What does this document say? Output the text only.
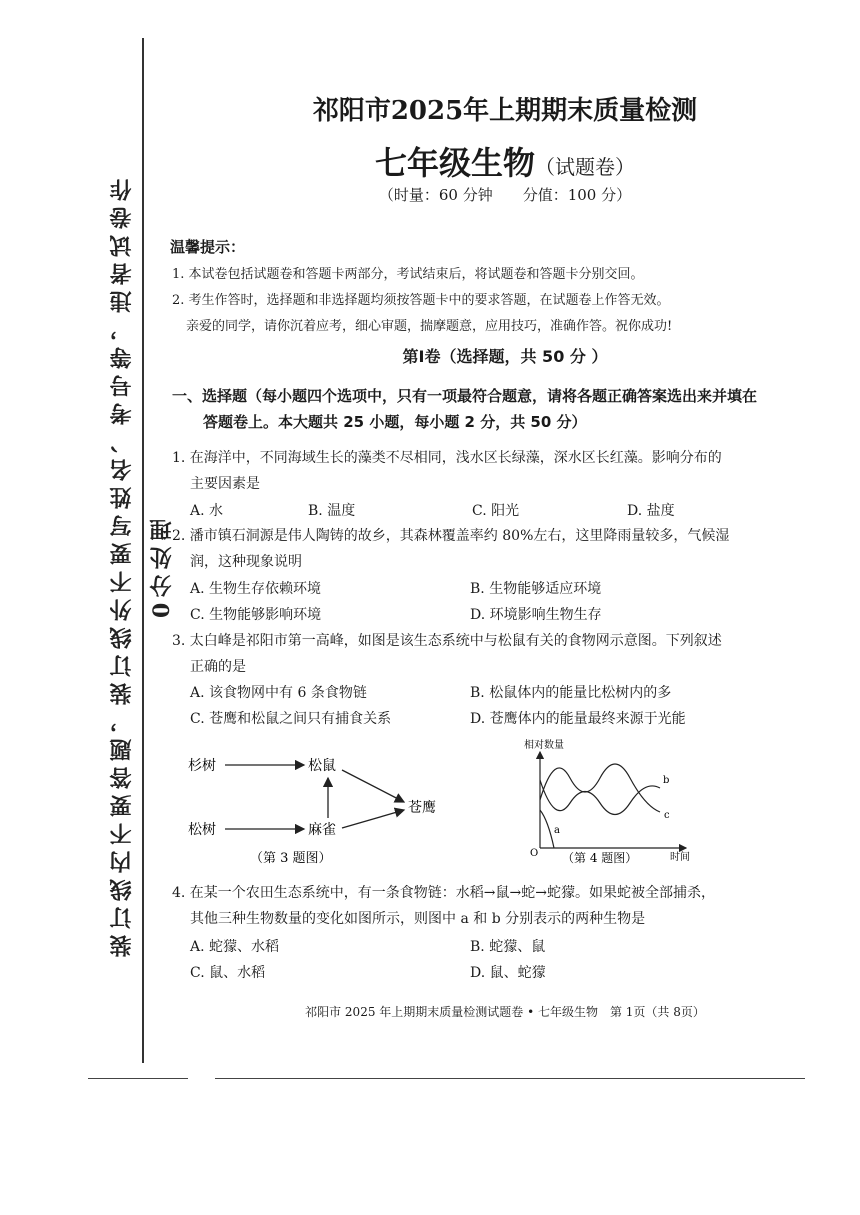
装订线内不要答题，装订线外不要写姓名、考号等，违者试卷作0分处理
祁阳市2025年上期期末质量检测
七年级生物（试题卷）
（时量：60 分钟　　分值：100 分）
温馨提示：
1. 本试卷包括试题卷和答题卡两部分，考试结束后，将试题卷和答题卡分别交回。
2. 考生作答时，选择题和非选择题均须按答题卡中的要求答题，在试题卷上作答无效。
亲爱的同学，请你沉着应考，细心审题，揣摩题意，应用技巧，准确作答。祝你成功!
第Ⅰ卷（选择题，共 50 分 ）
一、选择题（每小题四个选项中，只有一项最符合题意，请将各题正确答案选出来并填在
答题卷上。本大题共 25 小题，每小题 2 分，共 50 分）
1. 在海洋中，不同海域生长的藻类不尽相同，浅水区长绿藻，深水区长红藻。影响分布的
主要因素是
A. 水	B. 温度	C. 阳光	D. 盐度
2. 潘市镇石洞源是伟人陶铸的故乡，其森林覆盖率约 80%左右，这里降雨量较多，气候湿
润，这种现象说明
A. 生物生存依赖环境	B. 生物能够适应环境
C. 生物能够影响环境	D. 环境影响生物生存
3. 太白峰是祁阳市第一高峰，如图是该生态系统中与松鼠有关的食物网示意图。下列叙述
正确的是
A. 该食物网中有 6 条食物链	B. 松鼠体内的能量比松树内的多
C. 苍鹰和松鼠之间只有捕食关系	D. 苍鹰体内的能量最终来源于光能
杉树	松鼠
苍鹰
松树	麻雀
（第 3 题图）
相对数量
O	时间
a
b
c
（第 4 题图）
4. 在某一个农田生态系统中，有一条食物链：水稻→鼠→蛇→蛇獴。如果蛇被全部捕杀，
其他三种生物数量的变化如图所示，则图中 a 和 b 分别表示的两种生物是
A. 蛇獴、水稻	B. 蛇獴、鼠
C. 鼠、水稻	D. 鼠、蛇獴
祁阳市 2025 年上期期末质量检测试题卷 • 七年级生物　第 1页（共 8页）
